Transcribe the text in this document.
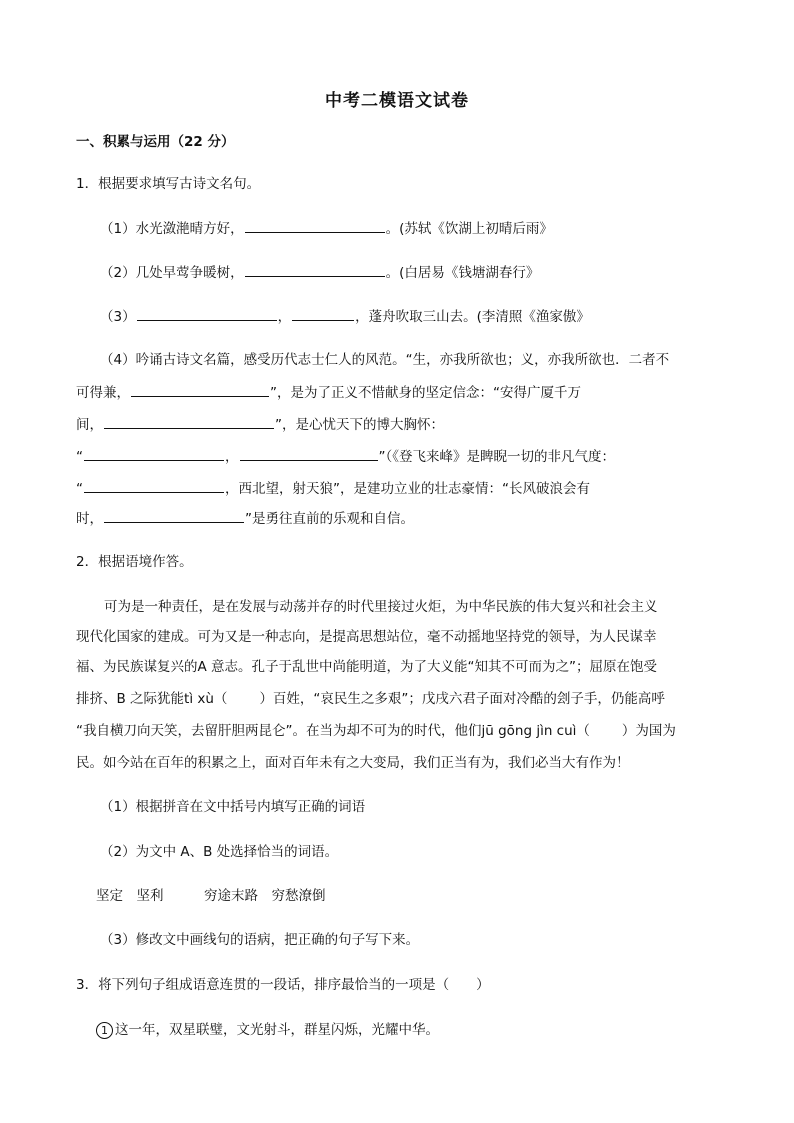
中考二模语文试卷
一、积累与运用（22 分）
1．根据要求填写古诗文名句。
（1）水光潋滟晴方好，	。(苏轼《饮湖上初晴后雨》
（2）几处早莺争暖树，	。(白居易《钱塘湖春行》
（3）	，	，蓬舟吹取三山去。(李清照《渔家傲》
（4）吟诵古诗文名篇，感受历代志士仁人的风范。“生，亦我所欲也；义，亦我所欲也．二者不
可得兼，	”，是为了正义不惜献身的坚定信念：“安得广厦千万
间，	”，是心忧天下的博大胸怀：
“	，	”（《登飞来峰》是睥睨一切的非凡气度：
“	，西北望，射天狼”，是建功立业的壮志豪情：“长风破浪会有
时，	”是勇往直前的乐观和自信。
2．根据语境作答。
可为是一种责任，是在发展与动荡并存的时代里接过火炬，为中华民族的伟大复兴和社会主义
现代化国家的建成。可为又是一种志向，是提高思想站位，毫不动摇地坚持党的领导，为人民谋幸
福、为民族谋复兴的A 意志。孔子于乱世中尚能明道，为了大义能“知其不可而为之”；屈原在饱受
排挤、B 之际犹能tì xù（ ）百姓，“哀民生之多艰”；戊戌六君子面对冷酷的刽子手，仍能高呼
“我自横刀向天笑，去留肝胆两昆仑”。在当为却不可为的时代，他们jū gōng jìn cuì（ ）为国为
民。如今站在百年的积累之上，面对百年未有之大变局，我们正当有为，我们必当大有作为！
（1）根据拼音在文中括号内填写正确的词语
（2）为文中 A、B 处选择恰当的词语。
坚定　坚利　　　穷途末路　穷愁潦倒
（3）修改文中画线句的语病，把正确的句子写下来。
3．将下列句子组成语意连贯的一段话，排序最恰当的一项是（　　）
1 这一年，双星联璧，文光射斗，群星闪烁，光耀中华。
